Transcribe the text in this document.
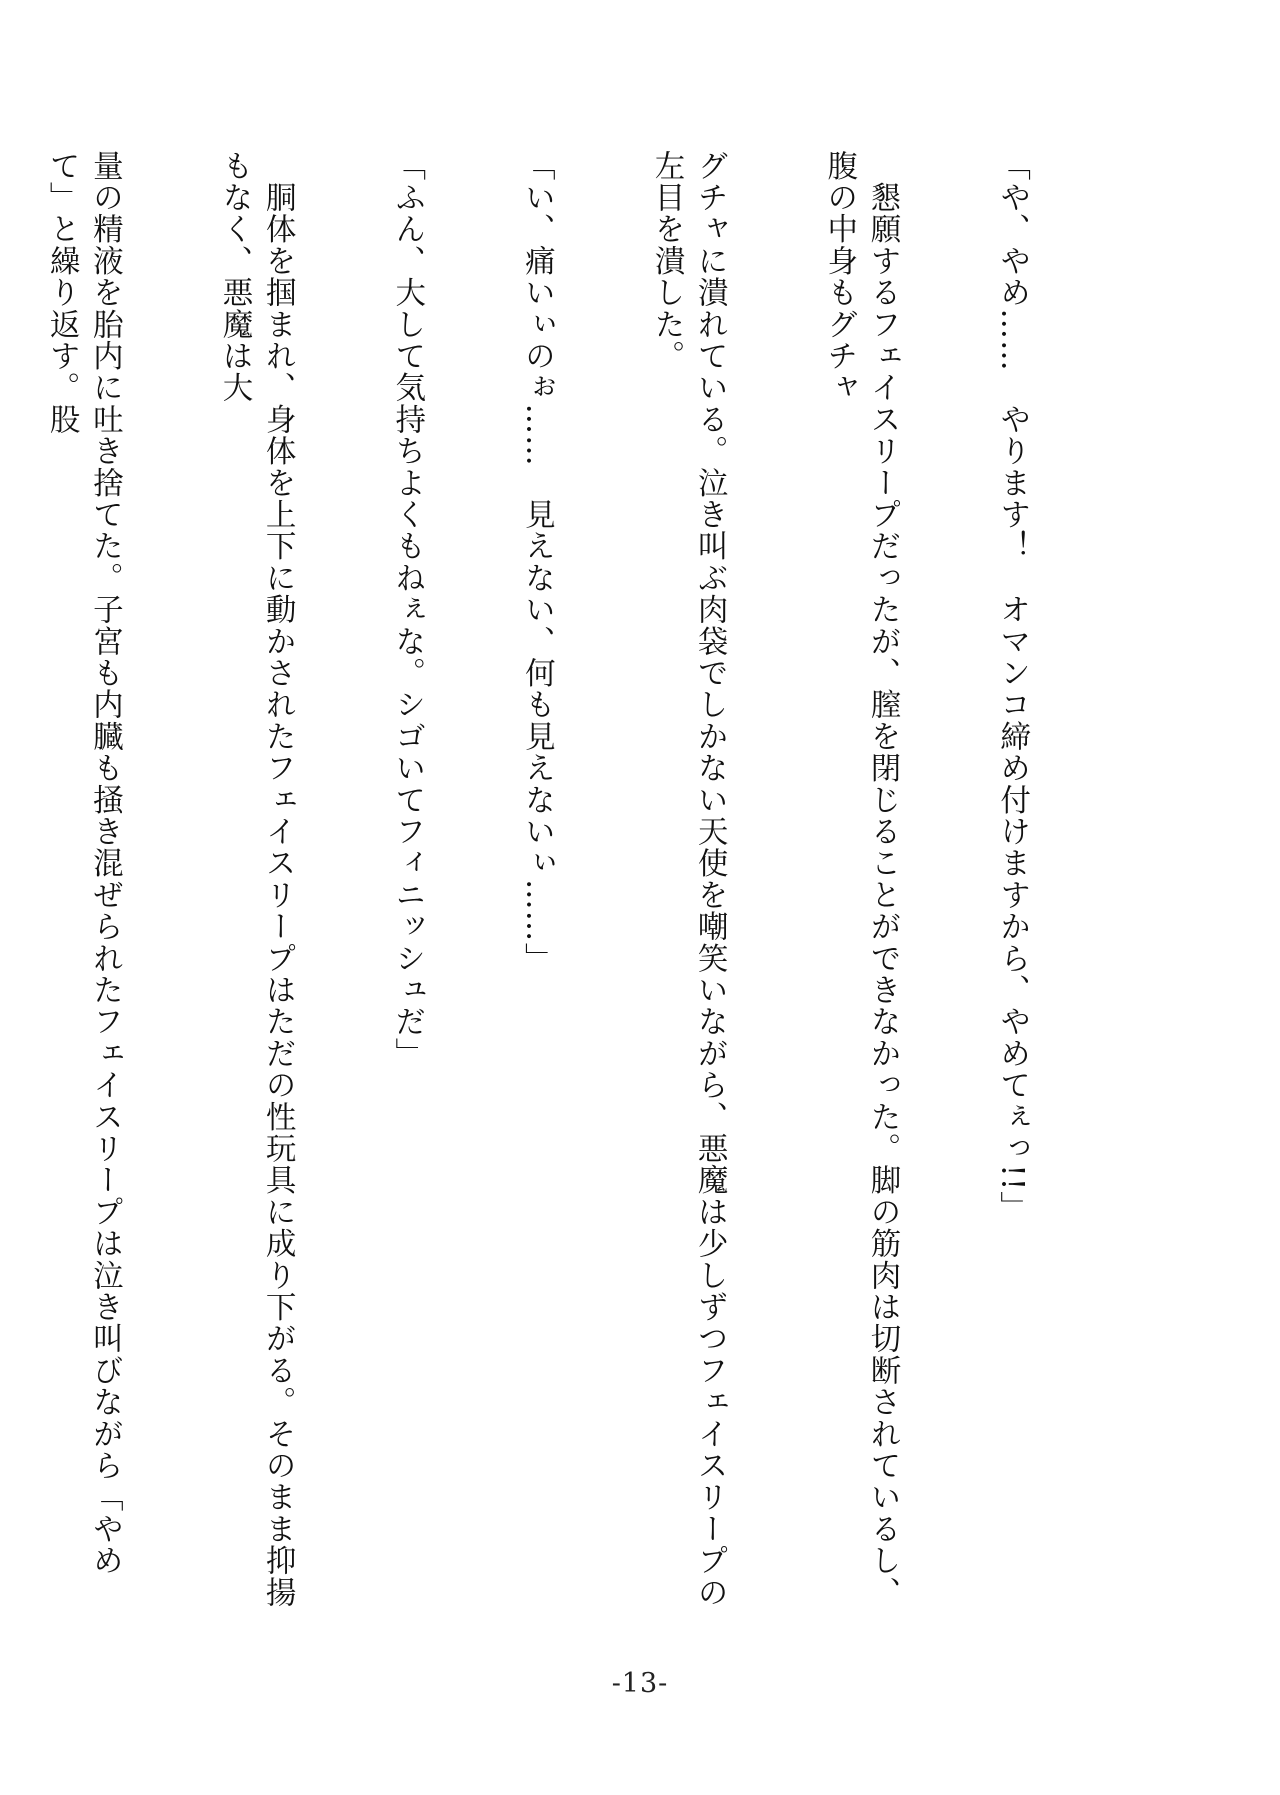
「や、やめ……　やります！　オマンコ締め付けますから、やめてぇっ!!」

　懇願するフェイスリープだったが、膣を閉じることができなかった。脚の筋肉は切断されているし、腹の中身もグチャ

グチャに潰れている。泣き叫ぶ肉袋でしかない天使を嘲笑いながら、悪魔は少しずつフェイスリープの左目を潰した。

「い、痛いぃのぉ……　見えない、何も見えないぃ……」

「ふん、大して気持ちよくもねぇな。シゴいてフィニッシュだ」

　胴体を掴まれ、身体を上下に動かされたフェイスリープはただの性玩具に成り下がる。そのまま抑揚もなく、悪魔は大

量の精液を胎内に吐き捨てた。子宮も内臓も掻き混ぜられたフェイスリープは泣き叫びながら「やめて」と繰り返す。股

-13-
